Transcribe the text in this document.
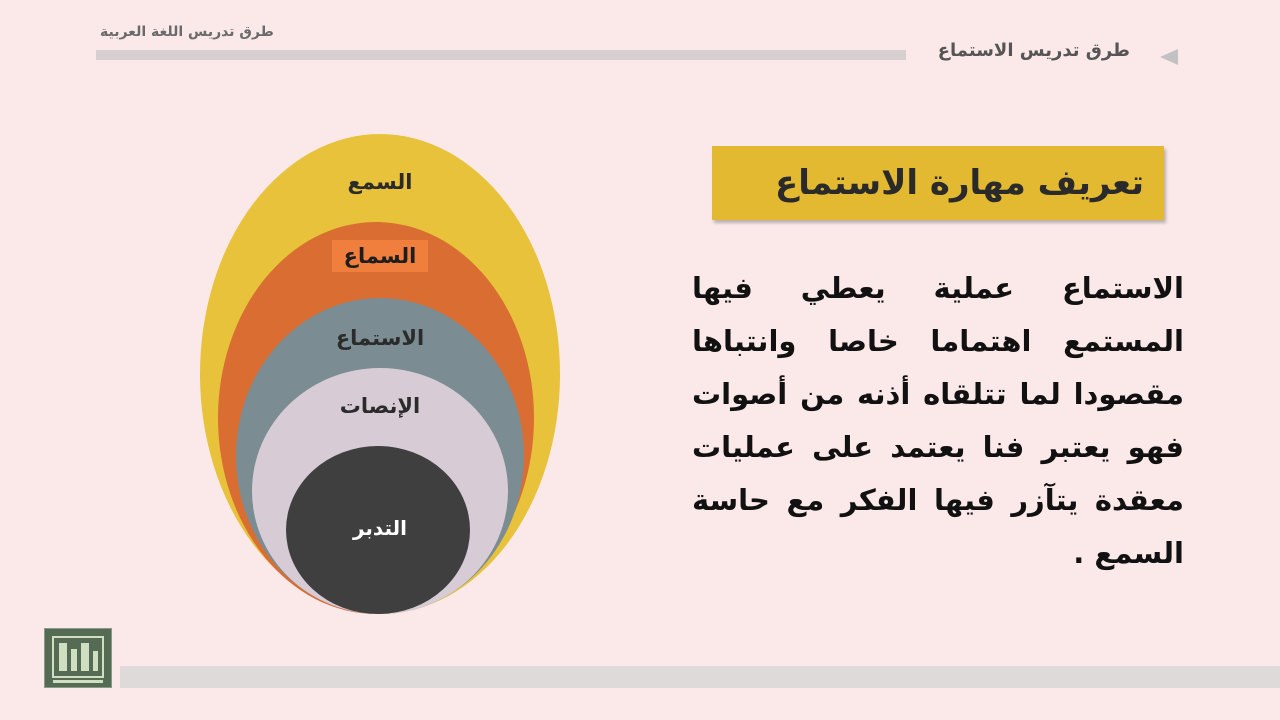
طرق تدريس اللغة العربية
طرق تدريس الاستماع
تعريف مهارة الاستماع
الاستماع عملية يعطي فيها المستمع اهتماما خاصا وانتباها مقصودا لما تتلقاه أذنه من أصوات فهو يعتبر فنا يعتمد على عمليات معقدة يتآزر فيها الفكر مع حاسة السمع .
السمع
السماع
الاستماع
الإنصات
التدبر
